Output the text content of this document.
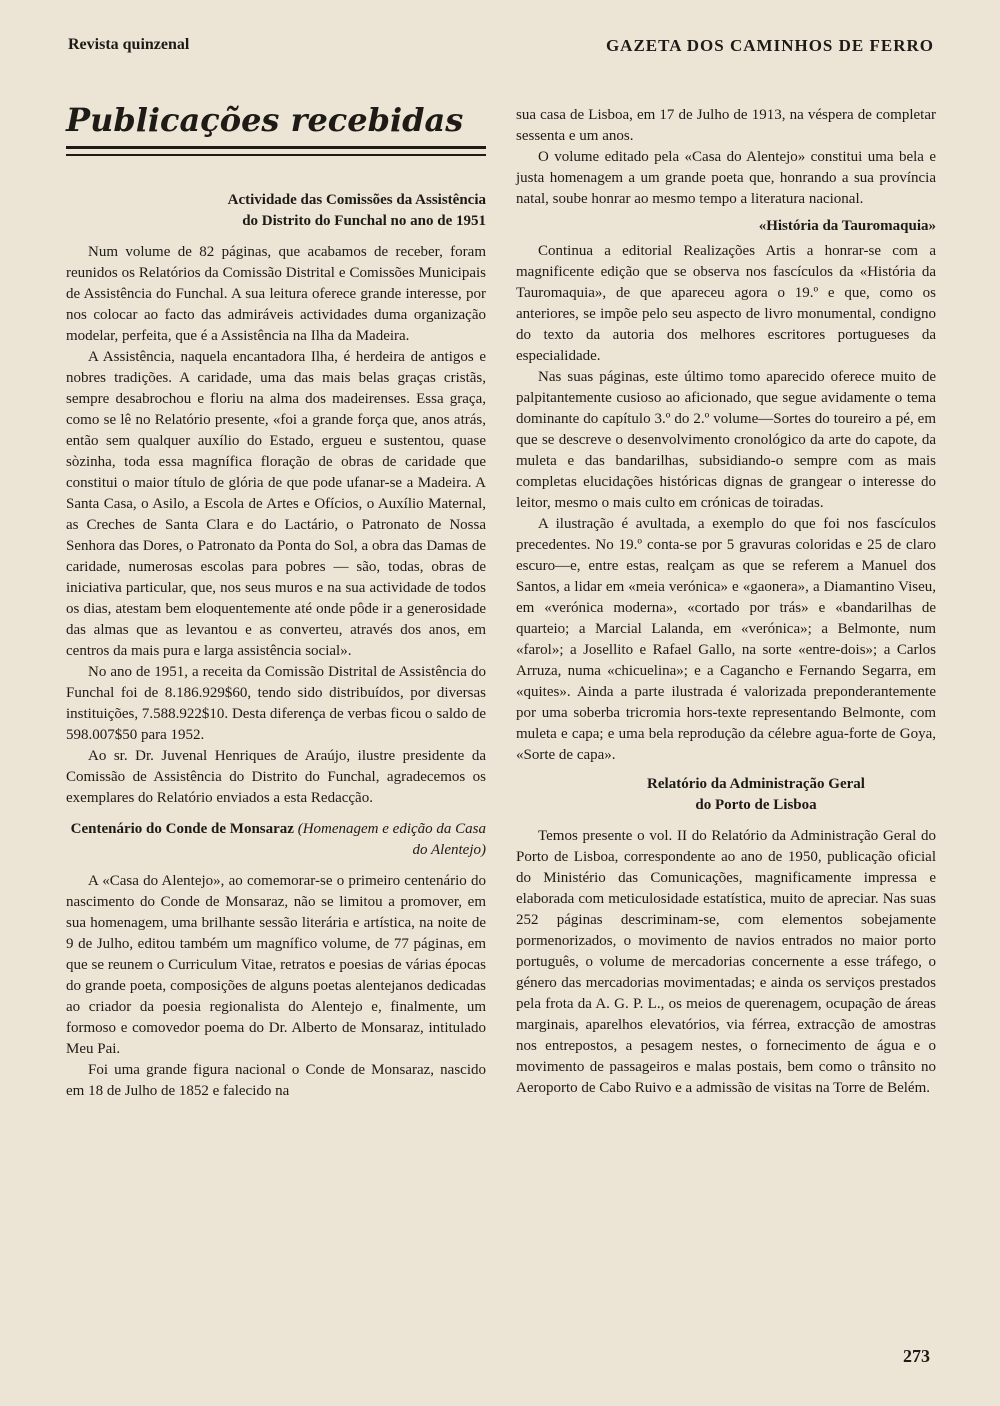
Revista quinzenal	GAZETA DOS CAMINHOS DE FERRO
Publicações recebidas
Actividade das Comissões da Assistência
do Distrito do Funchal no ano de 1951

Num volume de 82 páginas, que acabamos de receber, foram reunidos os Relatórios da Comissão Distrital e Comissões Municipais de Assistência do Funchal. A sua leitura oferece grande interesse, por nos colocar ao facto das admiráveis actividades duma organização modelar, perfeita, que é a Assistência na Ilha da Madeira.

A Assistência, naquela encantadora Ilha, é herdeira de antigos e nobres tradições. A caridade, uma das mais belas graças cristãs, sempre desabrochou e floriu na alma dos madeirenses. Essa graça, como se lê no Relatório presente, «foi a grande força que, anos atrás, então sem qualquer auxílio do Estado, ergueu e sustentou, quase sòzinha, toda essa magnífica floração de obras de caridade que constitui o maior título de glória de que pode ufanar-se a Madeira. A Santa Casa, o Asilo, a Escola de Artes e Ofícios, o Auxílio Maternal, as Creches de Santa Clara e do Lactário, o Patronato de Nossa Senhora das Dores, o Patronato da Ponta do Sol, a obra das Damas de caridade, numerosas escolas para pobres — são, todas, obras de iniciativa particular, que, nos seus muros e na sua actividade de todos os dias, atestam bem eloquentemente até onde pôde ir a generosidade das almas que as levantou e as converteu, através dos anos, em centros da mais pura e larga assistência social».

No ano de 1951, a receita da Comissão Distrital de Assistência do Funchal foi de 8.186.929$60, tendo sido distribuídos, por diversas instituições, 7.588.922$10. Desta diferença de verbas ficou o saldo de 598.007$50 para 1952.

Ao sr. Dr. Juvenal Henriques de Araújo, ilustre presidente da Comissão de Assistência do Distrito do Funchal, agradecemos os exemplares do Relatório enviados a esta Redacção.

Centenário do Conde de Monsaraz (Homenagem e edição da Casa do Alentejo)

A «Casa do Alentejo», ao comemorar-se o primeiro centenário do nascimento do Conde de Monsaraz, não se limitou a promover, em sua homenagem, uma brilhante sessão literária e artística, na noite de 9 de Julho, editou também um magnífico volume, de 77 páginas, em que se reunem o Curriculum Vitae, retratos e poesias de várias épocas do grande poeta, composições de alguns poetas alentejanos dedicadas ao criador da poesia regionalista do Alentejo e, finalmente, um formoso e comovedor poema do Dr. Alberto de Monsaraz, intitulado Meu Pai.

Foi uma grande figura nacional o Conde de Monsaraz, nascido em 18 de Julho de 1852 e falecido na

sua casa de Lisboa, em 17 de Julho de 1913, na véspera de completar sessenta e um anos.

O volume editado pela «Casa do Alentejo» constitui uma bela e justa homenagem a um grande poeta que, honrando a sua província natal, soube honrar ao mesmo tempo a literatura nacional.

«História da Tauromaquia»

Continua a editorial Realizações Artis a honrar-se com a magnificente edição que se observa nos fascículos da «História da Tauromaquia», de que apareceu agora o 19.º e que, como os anteriores, se impõe pelo seu aspecto de livro monumental, condigno do texto da autoria dos melhores escritores portugueses da especialidade.

Nas suas páginas, este último tomo aparecido oferece muito de palpitantemente cusioso ao aficionado, que segue avidamente o tema dominante do capítulo 3.º do 2.º volume—Sortes do toureiro a pé, em que se descreve o desenvolvimento cronológico da arte do capote, da muleta e das bandarilhas, subsidiando-o sempre com as mais completas elucidações históricas dignas de grangear o interesse do leitor, mesmo o mais culto em crónicas de toiradas.

A ilustração é avultada, a exemplo do que foi nos fascículos precedentes. No 19.º conta-se por 5 gravuras coloridas e 25 de claro escuro—e, entre estas, realçam as que se referem a Manuel dos Santos, a lidar em «meia verónica» e «gaonera», a Diamantino Viseu, em «verónica moderna», «cortado por trás» e «bandarilhas de quarteio; a Marcial Lalanda, em «verónica»; a Belmonte, num «farol»; a Josellito e Rafael Gallo, na sorte «entre-dois»; a Carlos Arruza, numa «chicuelina»; e a Cagancho e Fernando Segarra, em «quites». Ainda a parte ilustrada é valorizada preponderantemente por uma soberba tricromia hors-texte representando Belmonte, com muleta e capa; e uma bela reprodução da célebre agua-forte de Goya, «Sorte de capa».

Relatório da Administração Geral
do Porto de Lisboa

Temos presente o vol. II do Relatório da Administração Geral do Porto de Lisboa, correspondente ao ano de 1950, publicação oficial do Ministério das Comunicações, magnificamente impressa e elaborada com meticulosidade estatística, muito de apreciar. Nas suas 252 páginas descriminam-se, com elementos sobejamente pormenorizados, o movimento de navios entrados no maior porto português, o volume de mercadorias concernente a esse tráfego, o género das mercadorias movimentadas; e ainda os serviços prestados pela frota da A. G. P. L., os meios de querenagem, ocupação de áreas marginais, aparelhos elevatórios, via férrea, extracção de amostras nos entrepostos, a pesagem nestes, o fornecimento de água e o movimento de passageiros e malas postais, bem como o trânsito no Aeroporto de Cabo Ruivo e a admissão de visitas na Torre de Belém.

273
